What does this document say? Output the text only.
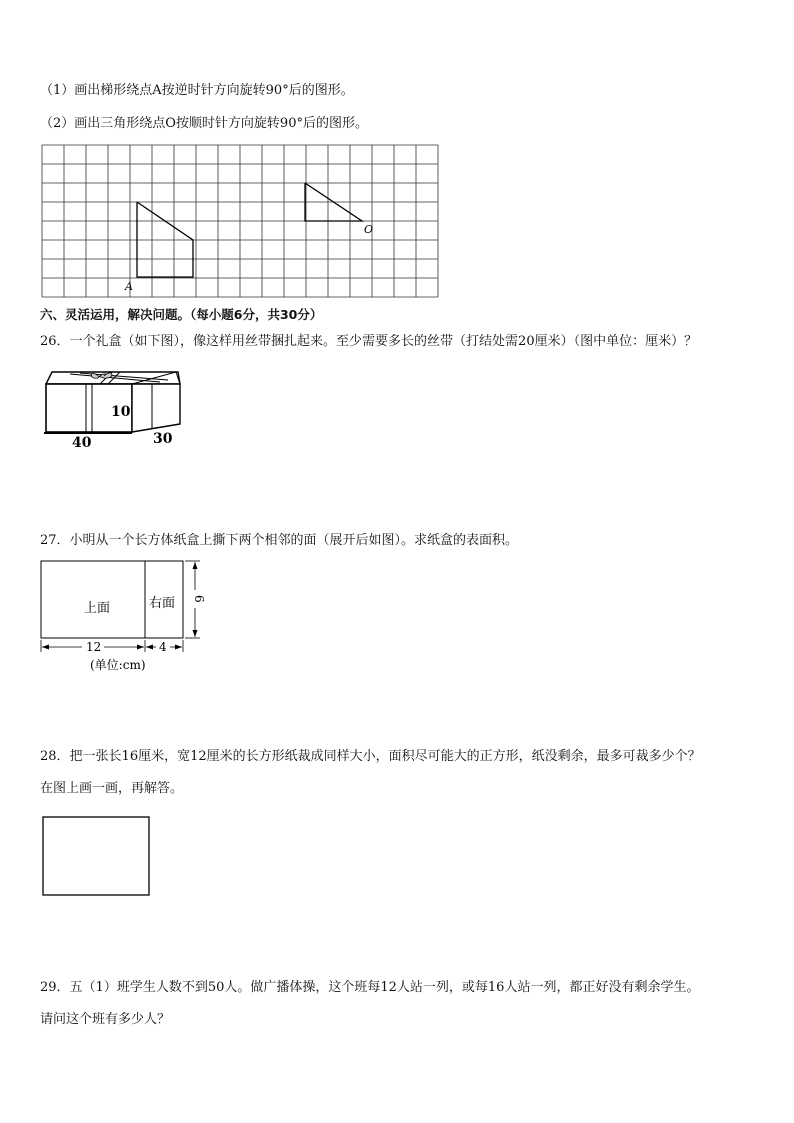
（1）画出梯形绕点A按逆时针方向旋转90°后的图形。
（2）画出三角形绕点O按顺时针方向旋转90°后的图形。
A
O
六、灵活运用，解决问题。（每小题6分，共30分）
26．一个礼盒（如下图），像这样用丝带捆扎起来。至少需要多长的丝带（打结处需20厘米）（图中单位：厘米）？
10
40	30
27．小明从一个长方体纸盒上撕下两个相邻的面（展开后如图）。求纸盒的表面积。
上面	右面
12	4
6
(单位:cm)
28．把一张长16厘米，宽12厘米的长方形纸裁成同样大小，面积尽可能大的正方形，纸没剩余，最多可裁多少个？
在图上画一画，再解答。
29．五（1）班学生人数不到50人。做广播体操，这个班每12人站一列，或每16人站一列，都正好没有剩余学生。
请问这个班有多少人？
